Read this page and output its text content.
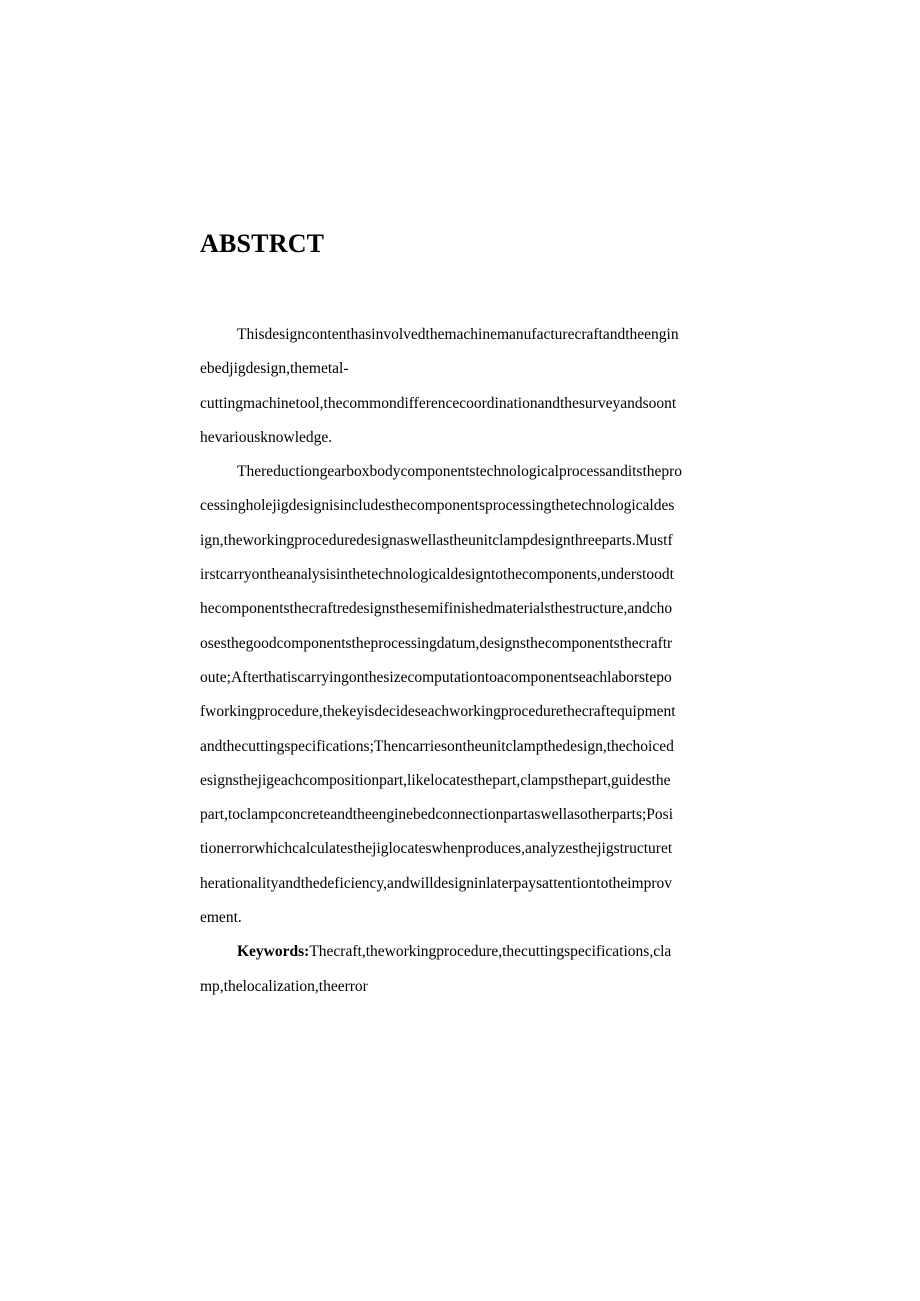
ABSTRCT
Thisdesigncontenthasinvolvedthemachinemanufacturecraftandtheengin
ebedjigdesign,themetal-
cuttingmachinetool,thecommondifferencecoordinationandthesurveyandsoont
hevariousknowledge.
Thereductiongearboxbodycomponentstechnologicalprocessanditstheprо
cessingholejigdesignisincludesthecomponentsprocessingthetechnologicaldes
ign,theworkingproceduredesignaswellastheunitclampdesignthreeparts.Mustf
irstcarryontheanalysisinthetechnologicaldesigntothecomponents,understoodt
hecomponentsthecraftredesignsthesemifinishedmaterialsthestructure,andcho
osesthegoodcomponentstheprocessingdatum,designsthecomponentsthecraftr
oute;Afterthatiscarryingonthesizecomputationtoacomponentseachlaborstepo
fworkingprocedure,thekeyisdecideseachworkingproceduretheсraftequipment
andthecuttingspecifications;Thencarriesontheunitclampthedesign,thechoiced
esignsthejigeachcompositionpart,likelocatesthepart,clampsthepart,guidesthe
part,toclampconcreteandtheenginebedconnectionpartaswellasotherparts;Posi
tionerrorwhichcalculatesthejiglocateswhenproduces,analyzesthejigstructuret
herationalityandthedeficiency,andwilldesigninlaterpaysattentiontotheimprov
ement.
Keywords:Thecraft,theworkingprocedure,thecuttingspecifications,cla
mp,thelocalization,theerror
